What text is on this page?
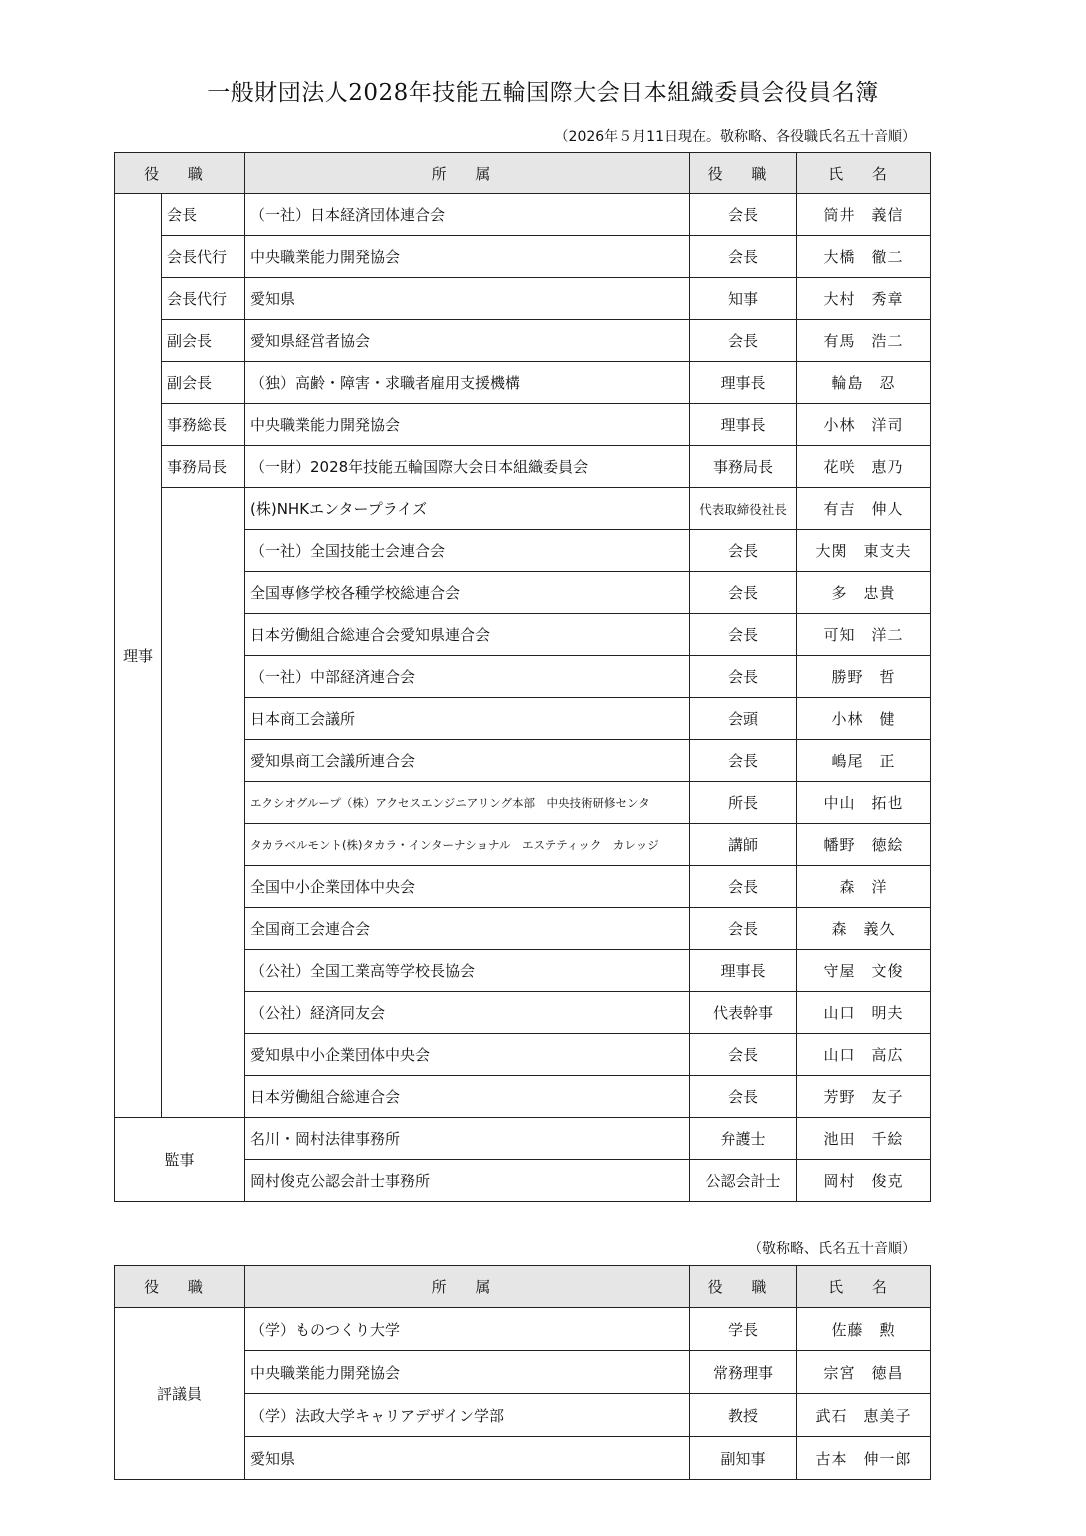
一般財団法人2028年技能五輪国際大会日本組織委員会役員名簿
（2026年５月11日現在。敬称略、各役職氏名五十音順）
役 職		所 属	役 職	氏 名
理事	会長	（一社）日本経済団体連合会	会長	筒井　義信
	会長代行	中央職業能力開発協会	会長	大橋　徹二
	会長代行	愛知県	知事	大村　秀章
	副会長	愛知県経営者協会	会長	有馬　浩二
	副会長	（独）高齢・障害・求職者雇用支援機構	理事長	輪島　忍
	事務総長	中央職業能力開発協会	理事長	小林　洋司
	事務局長	（一財）2028年技能五輪国際大会日本組織委員会	事務局長	花咲　恵乃
		(株)NHKエンタープライズ	代表取締役社長	有吉　伸人
		（一社）全国技能士会連合会	会長	大関　東支夫
		全国専修学校各種学校総連合会	会長	多　忠貴
		日本労働組合総連合会愛知県連合会	会長	可知　洋二
		（一社）中部経済連合会	会長	勝野　哲
		日本商工会議所	会頭	小林　健
		愛知県商工会議所連合会	会長	嶋尾　正
		エクシオグループ（株）アクセスエンジニアリング本部　中央技術研修センタ	所長	中山　拓也
		タカラベルモント(株)タカラ・インターナショナル　エステティック　カレッジ	講師	幡野　徳絵
		全国中小企業団体中央会	会長	森　洋
		全国商工会連合会	会長	森　義久
		（公社）全国工業高等学校長協会	理事長	守屋　文俊
		（公社）経済同友会	代表幹事	山口　明夫
		愛知県中小企業団体中央会	会長	山口　高広
		日本労働組合総連合会	会長	芳野　友子
監事		名川・岡村法律事務所	弁護士	池田　千絵
		岡村俊克公認会計士事務所	公認会計士	岡村　俊克
（敬称略、氏名五十音順）
役 職	所 属	役 職	氏 名
評議員	（学）ものつくり大学	学長	佐藤　勲
	中央職業能力開発協会	常務理事	宗宮　徳昌
	（学）法政大学キャリアデザイン学部	教授	武石　恵美子
	愛知県	副知事	古本　伸一郎
